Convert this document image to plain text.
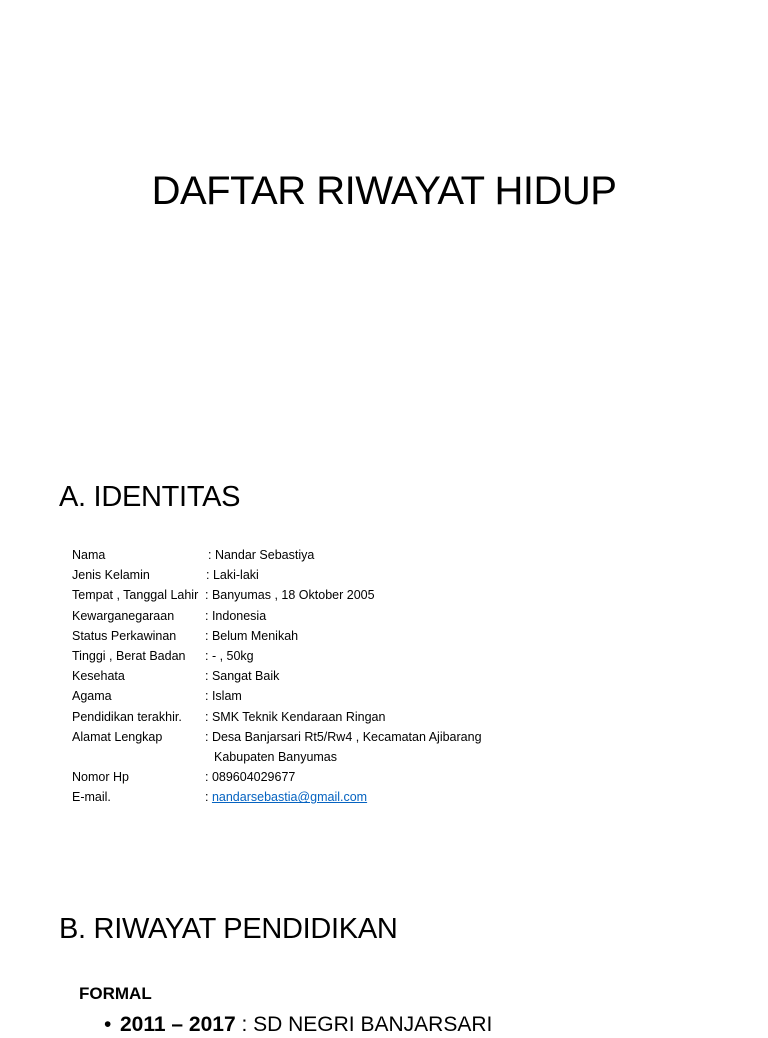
DAFTAR RIWAYAT HIDUP
A. IDENTITAS
Nama	: Nandar Sebastiya
Jenis Kelamin	: Laki-laki
Tempat , Tanggal Lahir : Banyumas , 18 Oktober 2005
Kewarganegaraan	: Indonesia
Status Perkawinan	: Belum Menikah
Tinggi , Berat Badan	: - , 50kg
Kesehata	: Sangat Baik
Agama	: Islam
Pendidikan terakhir.	: SMK Teknik Kendaraan Ringan
Alamat Lengkap	: Desa Banjarsari Rt5/Rw4 , Kecamatan Ajibarang
Kabupaten Banyumas
Nomor Hp	: 089604029677
E-mail.	: nandarsebastia@gmail.com
B. RIWAYAT PENDIDIKAN
FORMAL
• 2011 – 2017 : SD NEGRI BANJARSARI
